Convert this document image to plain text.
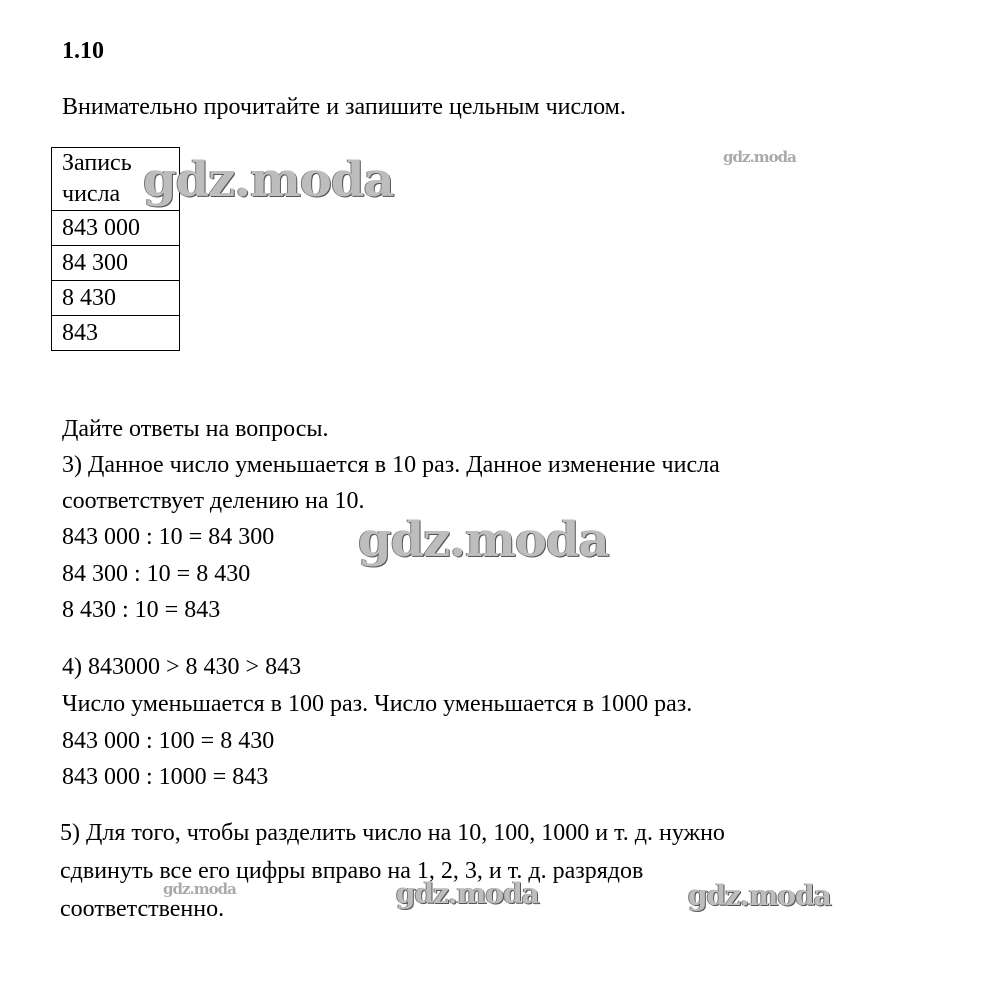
1.10
Внимательно прочитайте и запишите цельным числом.
Запись
числа
843 000
84 300
8 430
843
Дайте ответы на вопросы.
3) Данное число уменьшается в 10 раз. Данное изменение числа
соответствует делению на 10.
843 000 : 10 = 84 300
84 300 : 10 = 8 430
8 430 : 10 = 843
4) 843000 > 8 430 > 843
Число уменьшается в 100 раз. Число уменьшается в 1000 раз.
843 000 : 100 = 8 430
843 000 : 1000 = 843
5) Для того, чтобы разделить число на 10, 100, 1000 и т. д. нужно
сдвинуть все его цифры вправо на 1, 2, 3, и т. д. разрядов
соответственно.
gdz.moda	gdz.moda
gdz.moda
gdz.moda	gdz.moda	gdz.moda
